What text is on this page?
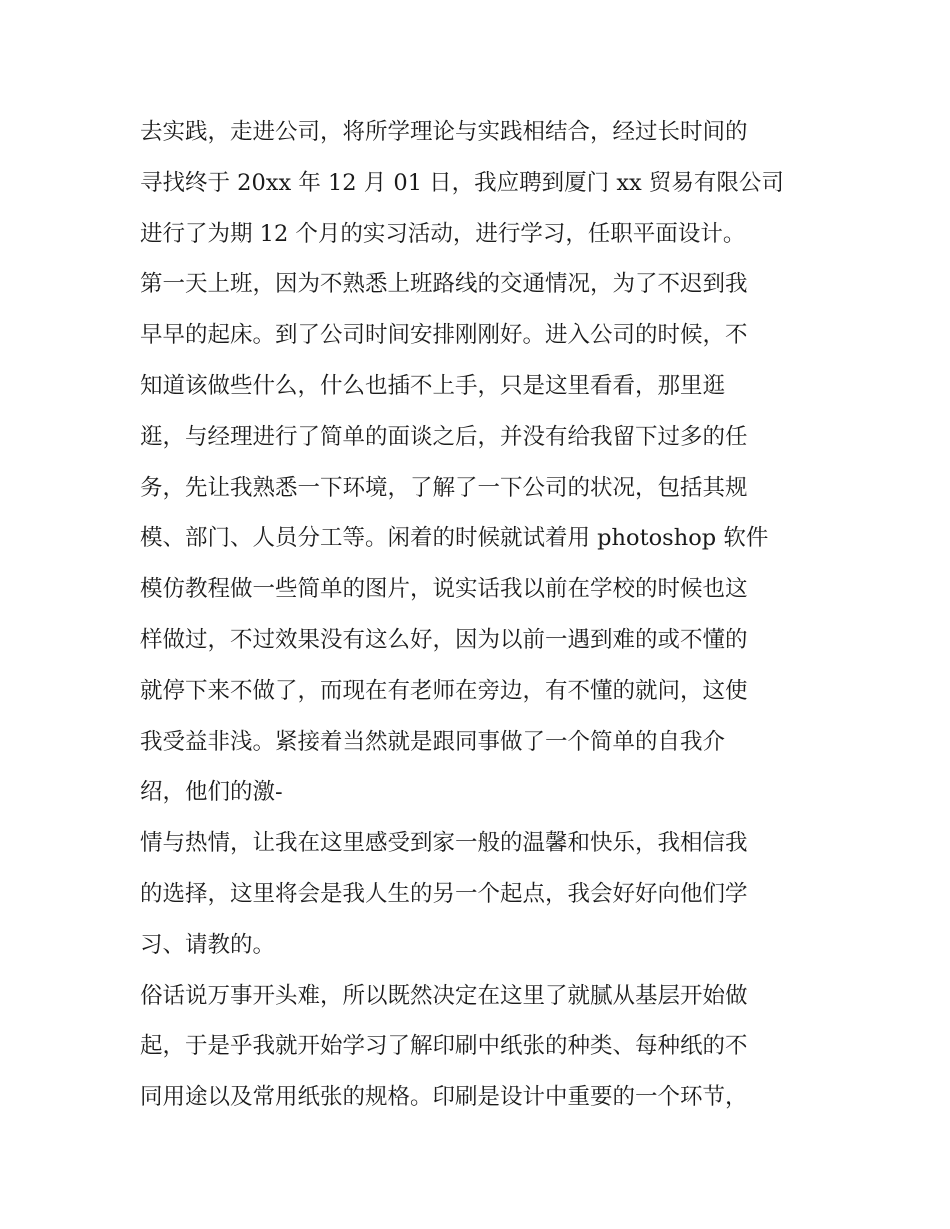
去实践，走进公司，将所学理论与实践相结合，经过长时间的
寻找终于 20xx 年 12 月 01 日，我应聘到厦门 xx 贸易有限公司
进行了为期 12 个月的实习活动，进行学习，任职平面设计。
第一天上班，因为不熟悉上班路线的交通情况，为了不迟到我
早早的起床。到了公司时间安排刚刚好。进入公司的时候，不
知道该做些什么，什么也插不上手，只是这里看看，那里逛
逛，与经理进行了简单的面谈之后，并没有给我留下过多的任
务，先让我熟悉一下环境，了解了一下公司的状况，包括其规
模、部门、人员分工等。闲着的时候就试着用 photoshop 软件
模仿教程做一些简单的图片，说实话我以前在学校的时候也这
样做过，不过效果没有这么好，因为以前一遇到难的或不懂的
就停下来不做了，而现在有老师在旁边，有不懂的就问，这使
我受益非浅。紧接着当然就是跟同事做了一个简单的自我介
绍，他们的激-
情与热情，让我在这里感受到家一般的温馨和快乐，我相信我
的选择，这里将会是我人生的另一个起点，我会好好向他们学
习、请教的。
俗话说万事开头难，所以既然决定在这里了就腻从基层开始做
起，于是乎我就开始学习了解印刷中纸张的种类、每种纸的不
同用途以及常用纸张的规格。印刷是设计中重要的一个环节，
